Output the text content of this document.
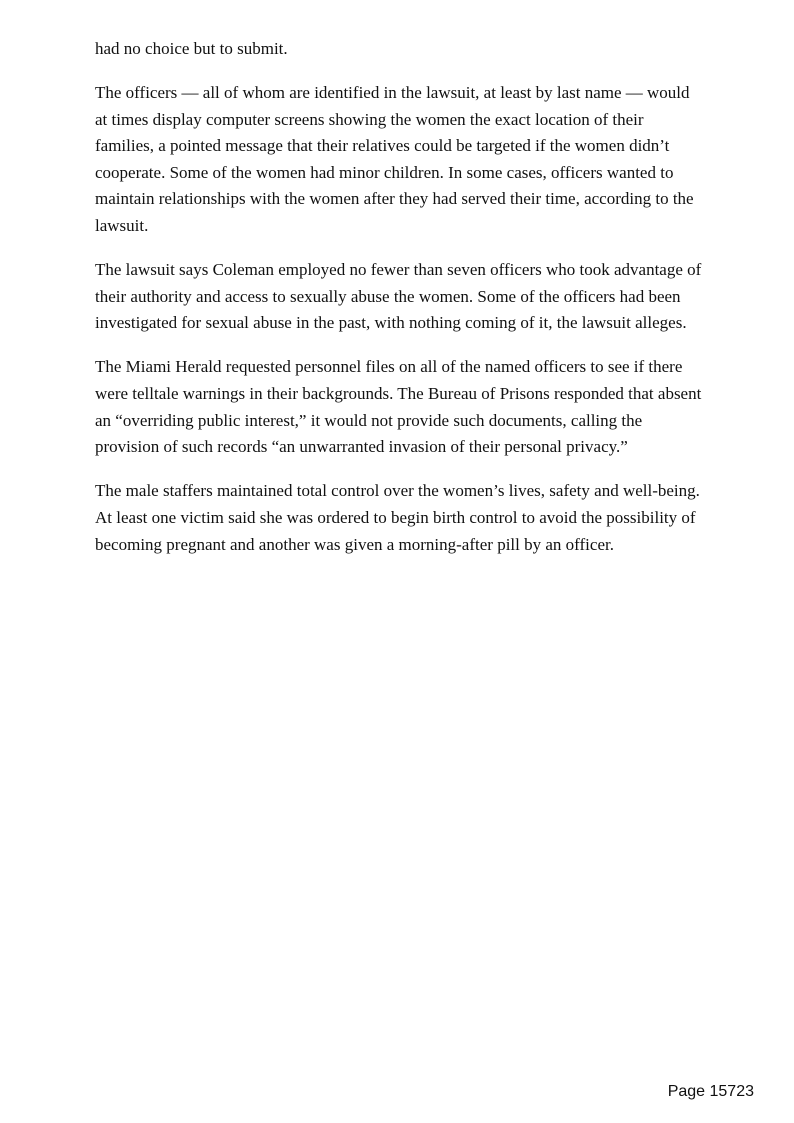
had no choice but to submit.

The officers — all of whom are identified in the lawsuit, at least by last name — would at times display computer screens showing the women the exact location of their families, a pointed message that their relatives could be targeted if the women didn’t cooperate. Some of the women had minor children. In some cases, officers wanted to maintain relationships with the women after they had served their time, according to the lawsuit.

The lawsuit says Coleman employed no fewer than seven officers who took advantage of their authority and access to sexually abuse the women. Some of the officers had been investigated for sexual abuse in the past, with nothing coming of it, the lawsuit alleges.

The Miami Herald requested personnel files on all of the named officers to see if there were telltale warnings in their backgrounds. The Bureau of Prisons responded that absent an “overriding public interest,” it would not provide such documents, calling the provision of such records “an unwarranted invasion of their personal privacy.”

The male staffers maintained total control over the women’s lives, safety and well-being. At least one victim said she was ordered to begin birth control to avoid the possibility of becoming pregnant and another was given a morning-after pill by an officer.

Page 15723
